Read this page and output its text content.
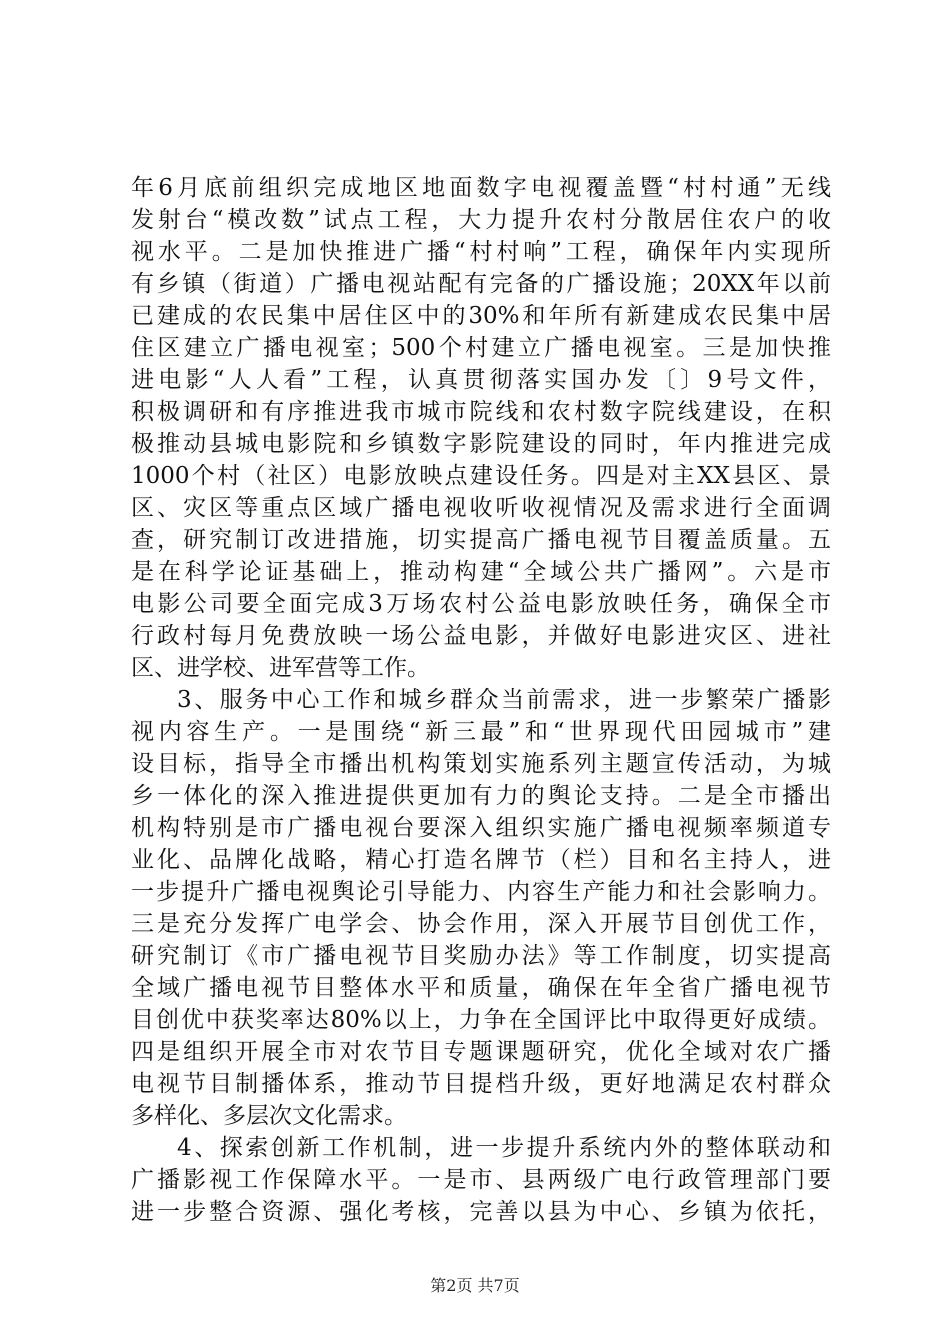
年6月底前组织完成地区地面数字电视覆盖暨“村村通”无线
发射台“模改数”试点工程，大力提升农村分散居住农户的收
视水平。二是加快推进广播“村村响”工程，确保年内实现所
有乡镇（街道）广播电视站配有完备的广播设施；20XX年以前
已建成的农民集中居住区中的30%和年所有新建成农民集中居
住区建立广播电视室；500个村建立广播电视室。三是加快推
进电影“人人看”工程，认真贯彻落实国办发〔〕9号文件，
积极调研和有序推进我市城市院线和农村数字院线建设，在积
极推动县城电影院和乡镇数字影院建设的同时，年内推进完成
1000个村（社区）电影放映点建设任务。四是对主XX县区、景
区、灾区等重点区域广播电视收听收视情况及需求进行全面调
查，研究制订改进措施，切实提高广播电视节目覆盖质量。五
是在科学论证基础上，推动构建“全域公共广播网”。六是市
电影公司要全面完成3万场农村公益电影放映任务，确保全市
行政村每月免费放映一场公益电影，并做好电影进灾区、进社
区、进学校、进军营等工作。
3、服务中心工作和城乡群众当前需求，进一步繁荣广播影
视内容生产。一是围绕“新三最”和“世界现代田园城市”建
设目标，指导全市播出机构策划实施系列主题宣传活动，为城
乡一体化的深入推进提供更加有力的舆论支持。二是全市播出
机构特别是市广播电视台要深入组织实施广播电视频率频道专
业化、品牌化战略，精心打造名牌节（栏）目和名主持人，进
一步提升广播电视舆论引导能力、内容生产能力和社会影响力。
三是充分发挥广电学会、协会作用，深入开展节目创优工作，
研究制订《市广播电视节目奖励办法》等工作制度，切实提高
全域广播电视节目整体水平和质量，确保在年全省广播电视节
目创优中获奖率达80%以上，力争在全国评比中取得更好成绩。
四是组织开展全市对农节目专题课题研究，优化全域对农广播
电视节目制播体系，推动节目提档升级，更好地满足农村群众
多样化、多层次文化需求。
4、探索创新工作机制，进一步提升系统内外的整体联动和
广播影视工作保障水平。一是市、县两级广电行政管理部门要
进一步整合资源、强化考核，完善以县为中心、乡镇为依托，
第2页 共7页
